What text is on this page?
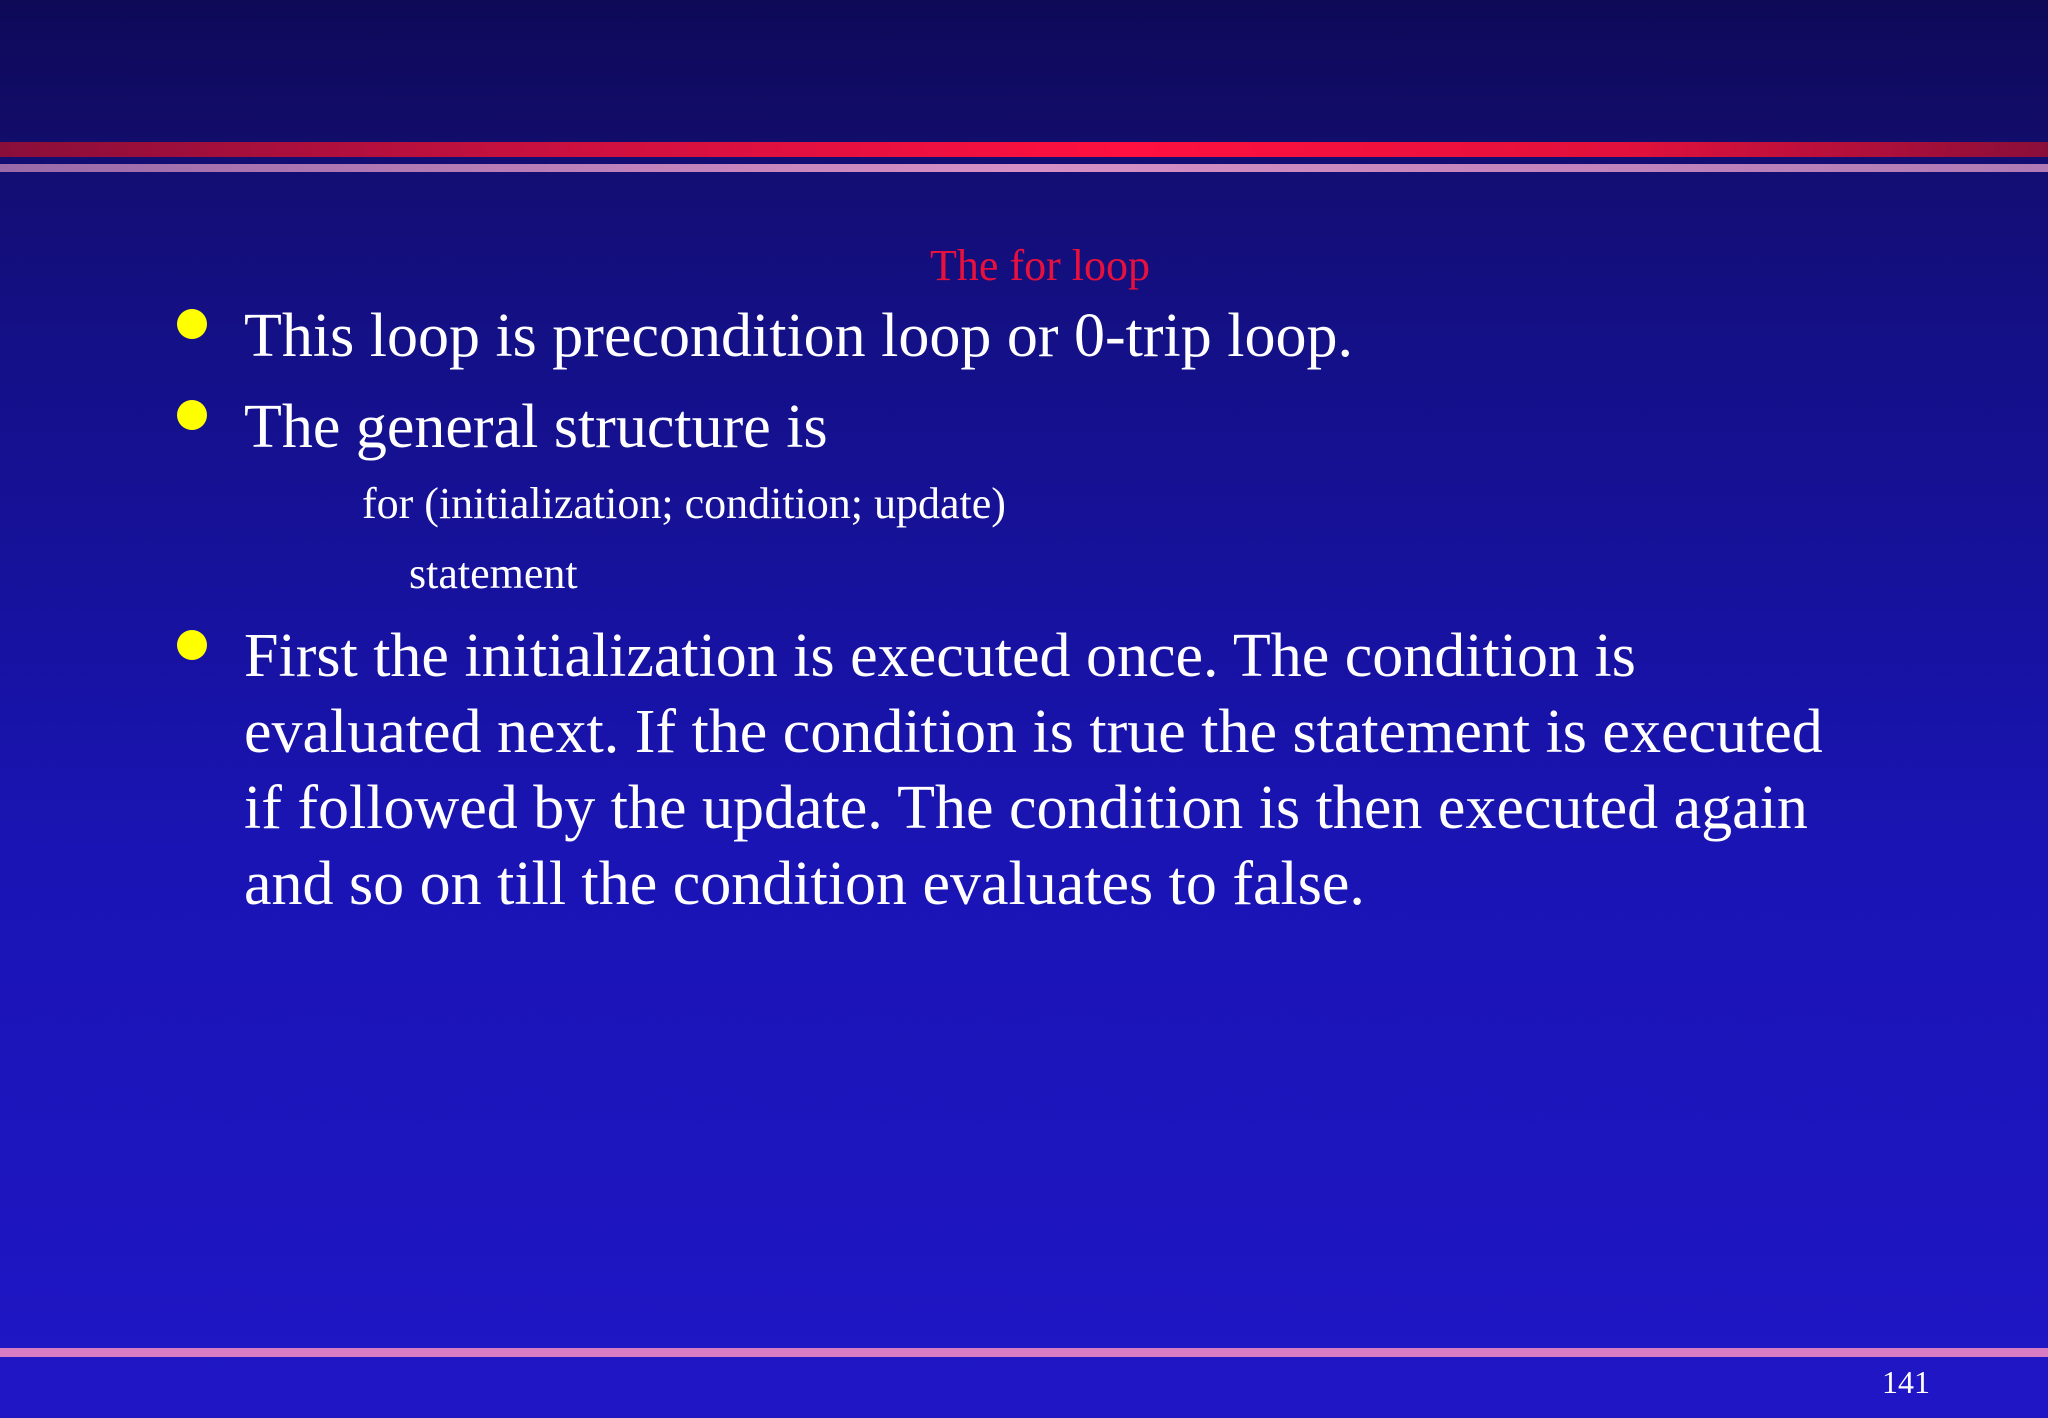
The for loop
This loop is precondition loop or 0-trip loop.
The general structure is
for (initialization; condition; update)
statement
First the initialization is executed once. The condition is
evaluated next. If the condition is true the statement is executed
if followed by the update. The condition is then executed again
and so on till the condition evaluates to false.
141
